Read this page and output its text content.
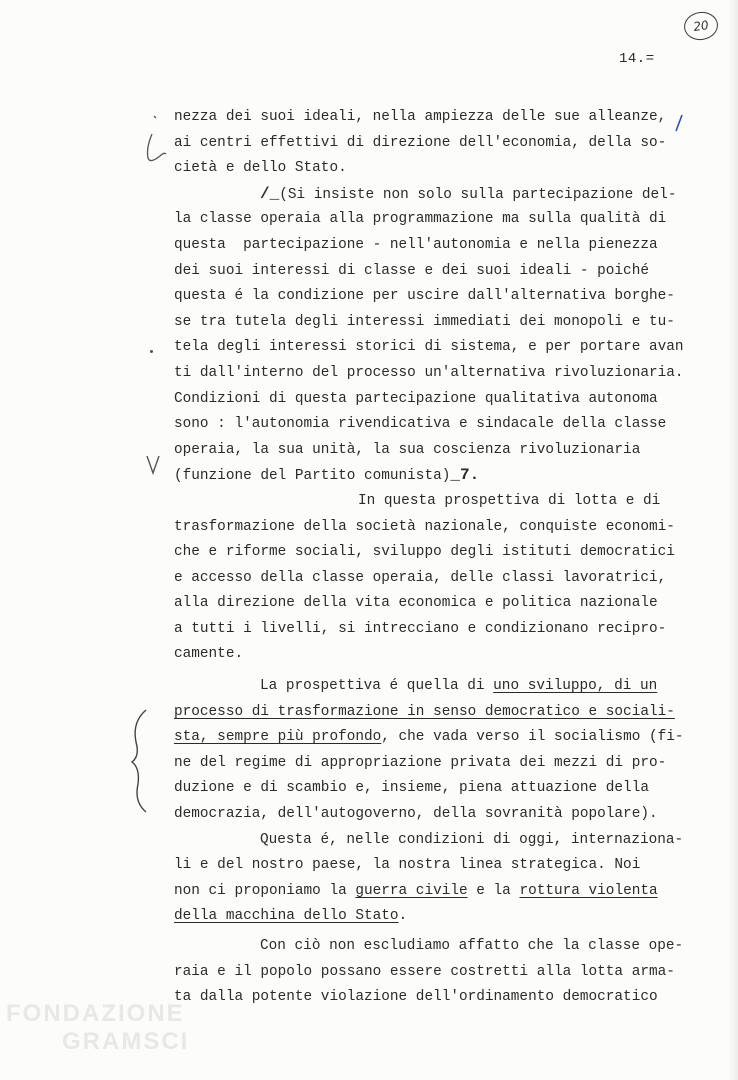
20
14.=
nezza dei suoi ideali, nella ampiezza delle sue alleanze,
ai centri effettivi di direzione dell'economia, della so-
cietà e dello Stato.
/_(Si insiste non solo sulla partecipazione del-
la classe operaia alla programmazione ma sulla qualità di
questa  partecipazione - nell'autonomia e nella pienezza
dei suoi interessi di classe e dei suoi ideali - poiché
questa é la condizione per uscire dall'alternativa borghe-
se tra tutela degli interessi immediati dei monopoli e tu-
tela degli interessi storici di sistema, e per portare avan
ti dall'interno del processo un'alternativa rivoluzionaria.
Condizioni di questa partecipazione qualitativa autonoma
sono : l'autonomia rivendicativa e sindacale della classe
operaia, la sua unità, la sua coscienza rivoluzionaria
(funzione del Partito comunista)_7.
In questa prospettiva di lotta e di
trasformazione della società nazionale, conquiste economi-
che e riforme sociali, sviluppo degli istituti democratici
e accesso della classe operaia, delle classi lavoratrici,
alla direzione della vita economica e politica nazionale
a tutti i livelli, si intrecciano e condizionano recipro-
camente.
La prospettiva é quella di uno sviluppo, di un
processo di trasformazione in senso democratico e sociali-
sta, sempre più profondo, che vada verso il socialismo (fi-
ne del regime di appropriazione privata dei mezzi di pro-
duzione e di scambio e, insieme, piena attuazione della
democrazia, dell'autogoverno, della sovranità popolare).
Questa é, nelle condizioni di oggi, internaziona-
li e del nostro paese, la nostra linea strategica. Noi
non ci proponiamo la guerra civile e la rottura violenta
della macchina dello Stato.
Con ciò non escludiamo affatto che la classe ope-
raia e il popolo possano essere costretti alla lotta arma-
ta dalla potente violazione dell'ordinamento democratico
FONDAZIONE
GRAMSCI
